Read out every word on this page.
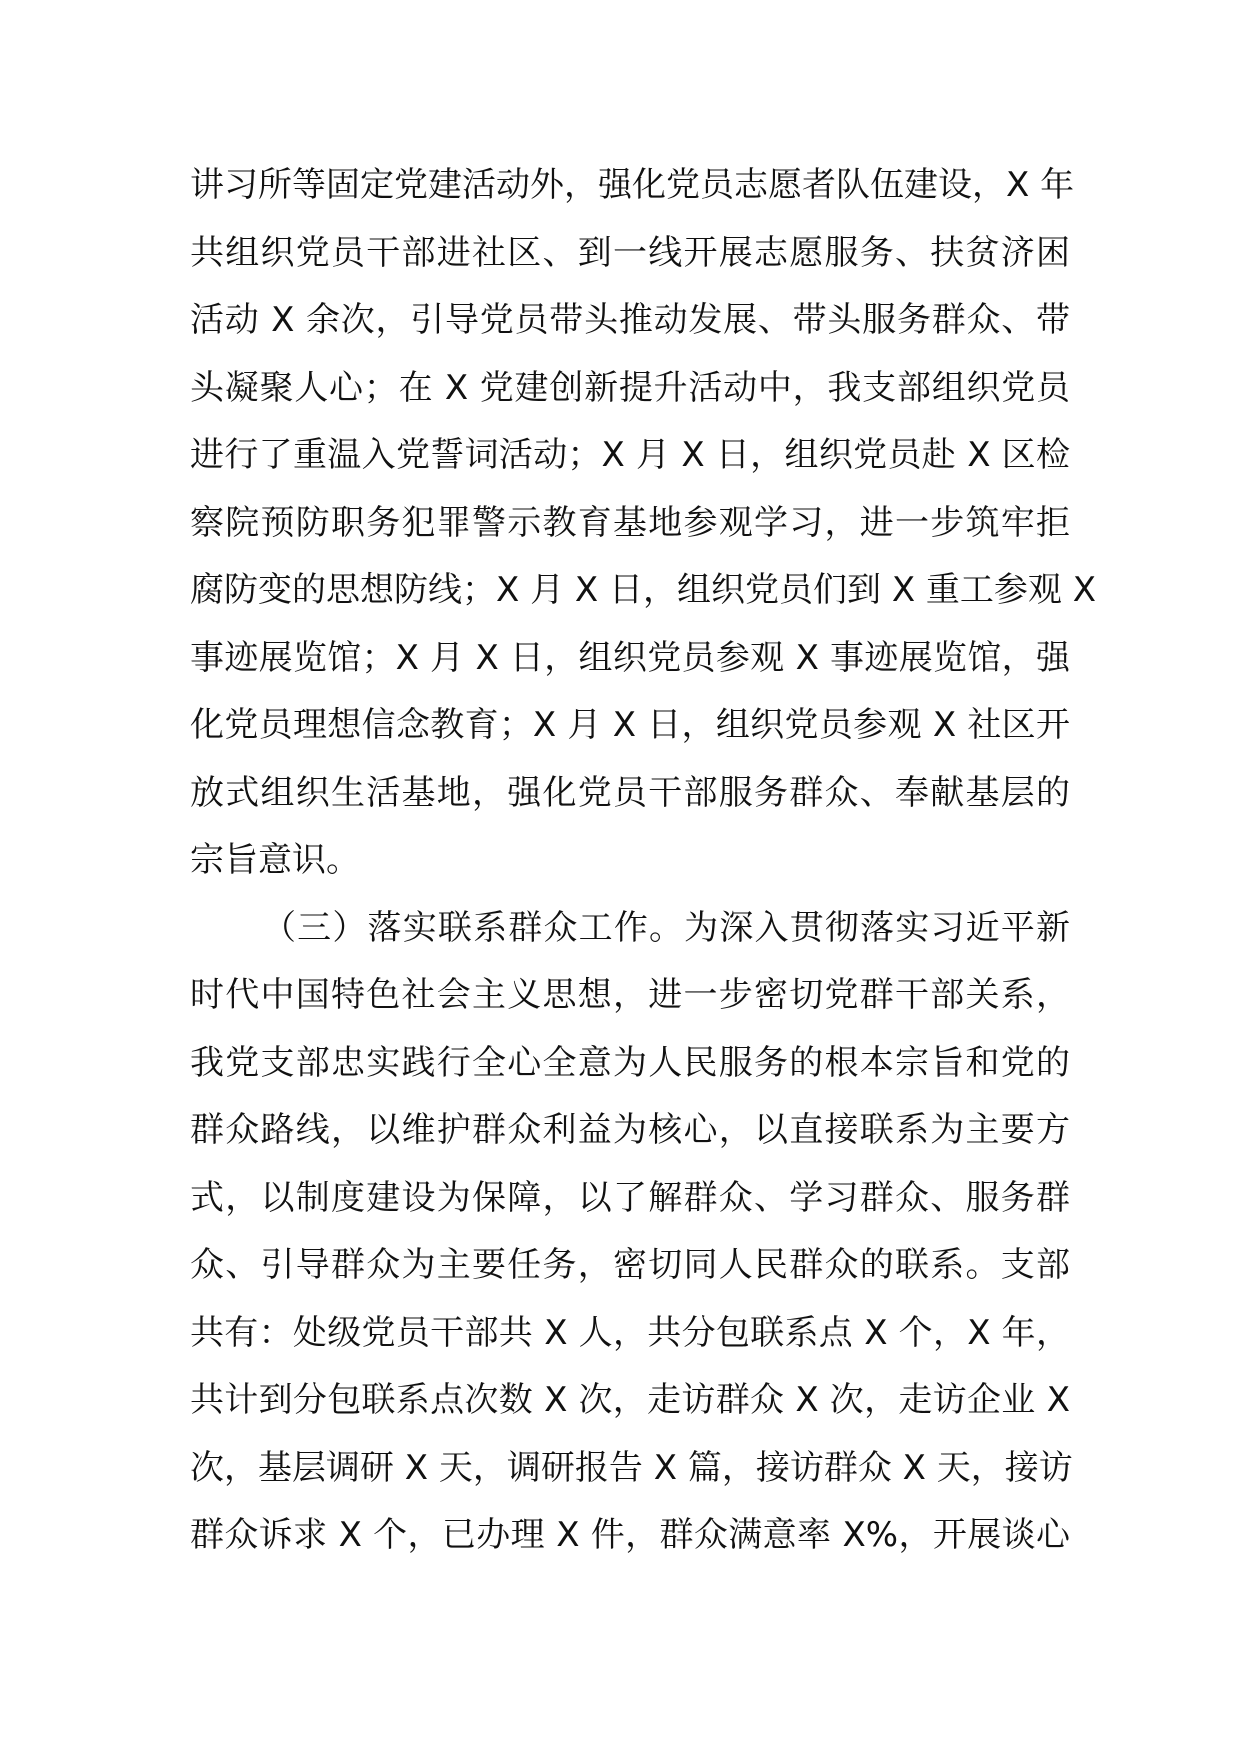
讲习所等固定党建活动外，强化党员志愿者队伍建设，X 年
共组织党员干部进社区、到一线开展志愿服务、扶贫济困
活动 X 余次，引导党员带头推动发展、带头服务群众、带
头凝聚人心；在 X 党建创新提升活动中，我支部组织党员
进行了重温入党誓词活动；X 月 X 日，组织党员赴 X 区检
察院预防职务犯罪警示教育基地参观学习，进一步筑牢拒
腐防变的思想防线；X 月 X 日，组织党员们到 X 重工参观 X
事迹展览馆；X 月 X 日，组织党员参观 X 事迹展览馆，强
化党员理想信念教育；X 月 X 日，组织党员参观 X 社区开
放式组织生活基地，强化党员干部服务群众、奉献基层的
宗旨意识。
（三）落实联系群众工作。为深入贯彻落实习近平新
时代中国特色社会主义思想，进一步密切党群干部关系，
我党支部忠实践行全心全意为人民服务的根本宗旨和党的
群众路线，以维护群众利益为核心，以直接联系为主要方
式，以制度建设为保障，以了解群众、学习群众、服务群
众、引导群众为主要任务，密切同人民群众的联系。支部
共有：处级党员干部共 X 人，共分包联系点 X 个，X 年，
共计到分包联系点次数 X 次，走访群众 X 次，走访企业 X
次，基层调研 X 天，调研报告 X 篇，接访群众 X 天，接访
群众诉求 X 个，已办理 X 件，群众满意率 X%，开展谈心
